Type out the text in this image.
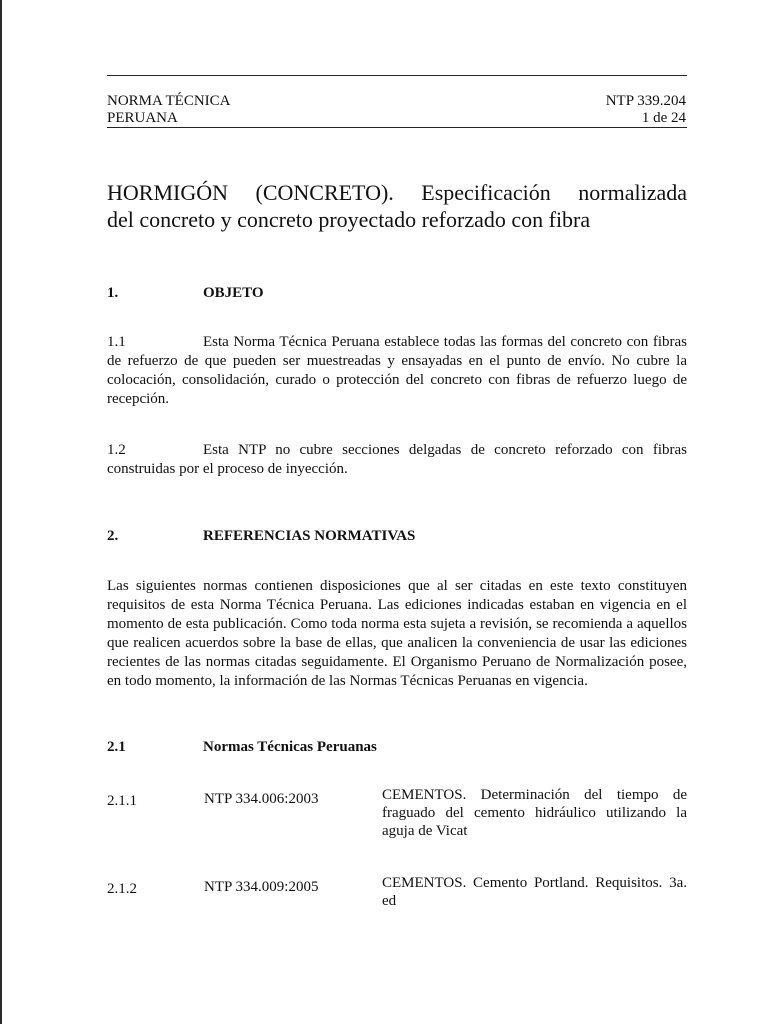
NORMA TÉCNICA
PERUANA
NTP 339.204
1 de 24
HORMIGÓN (CONCRETO). Especificación normalizada
del concreto y concreto proyectado reforzado con fibra
1.	OBJETO
1.1	Esta Norma Técnica Peruana establece todas las formas del concreto con fibras de refuerzo de que pueden ser muestreadas y ensayadas en el punto de envío. No cubre la colocación, consolidación, curado o protección del concreto con fibras de refuerzo luego de recepción.
1.2	Esta NTP no cubre secciones delgadas de concreto reforzado con fibras construidas por el proceso de inyección.
2.	REFERENCIAS NORMATIVAS
Las siguientes normas contienen disposiciones que al ser citadas en este texto constituyen requisitos de esta Norma Técnica Peruana. Las ediciones indicadas estaban en vigencia en el momento de esta publicación. Como toda norma esta sujeta a revisión, se recomienda a aquellos que realicen acuerdos sobre la base de ellas, que analicen la conveniencia de usar las ediciones recientes de las normas citadas seguidamente. El Organismo Peruano de Normalización posee, en todo momento, la información de las Normas Técnicas Peruanas en vigencia.
2.1	Normas Técnicas Peruanas
2.1.1	NTP 334.006:2003	CEMENTOS. Determinación del tiempo de fraguado del cemento hidráulico utilizando la aguja de Vicat
2.1.2	NTP 334.009:2005	CEMENTOS. Cemento Portland. Requisitos. 3a. ed
